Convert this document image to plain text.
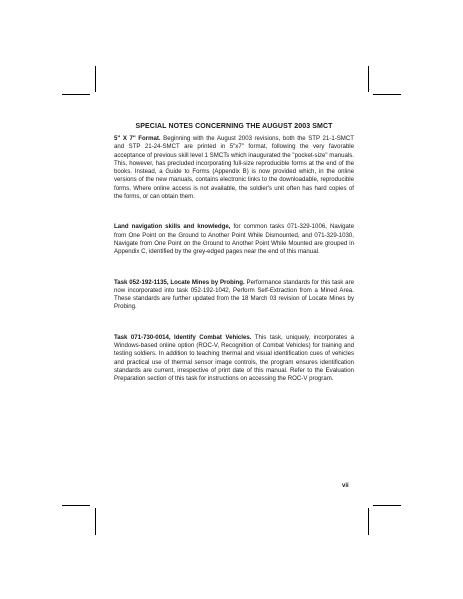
SPECIAL NOTES CONCERNING THE AUGUST 2003 SMCT

5" X 7" Format. Beginning with the August 2003 revisions, both the STP 21-1-SMCT and STP 21-24-SMCT are printed in 5"x7" format, following the very favorable acceptance of previous skill level 1 SMCTs which inaugurated the "pocket-size" manuals. This, however, has precluded incorporating full-size reproducible forms at the end of the books. Instead, a Guide to Forms (Appendix B) is now provided which, in the online versions of the new manuals, contains electronic links to the downloadable, reproducible forms. Where online access is not available, the soldier's unit often has hard copies of the forms, or can obtain them.

Land navigation skills and knowledge, for common tasks 071-329-1006, Navigate from One Point on the Ground to Another Point While Dismounted, and 071-329-1030, Navigate from One Point on the Ground to Another Point While Mounted are grouped in Appendix C, identified by the grey-edged pages near the end of this manual.

Task 052-192-1135, Locate Mines by Probing. Performance standards for this task are now incorporated into task 052-192-1042, Perform Self-Extraction from a Mined Area. These standards are further updated from the 18 March 03 revision of Locate Mines by Probing.

Task 071-730-0014, Identify Combat Vehicles. This task, uniquely, incorporates a Windows-based online option (ROC-V, Recognition of Combat Vehicles) for training and testing soldiers. In addition to teaching thermal and visual identification cues of vehicles and practical use of thermal sensor image controls, the program ensures identification standards are current, irrespective of print date of this manual. Refer to the Evaluation Preparation section of this task for instructions on accessing the ROC-V program.

vii
